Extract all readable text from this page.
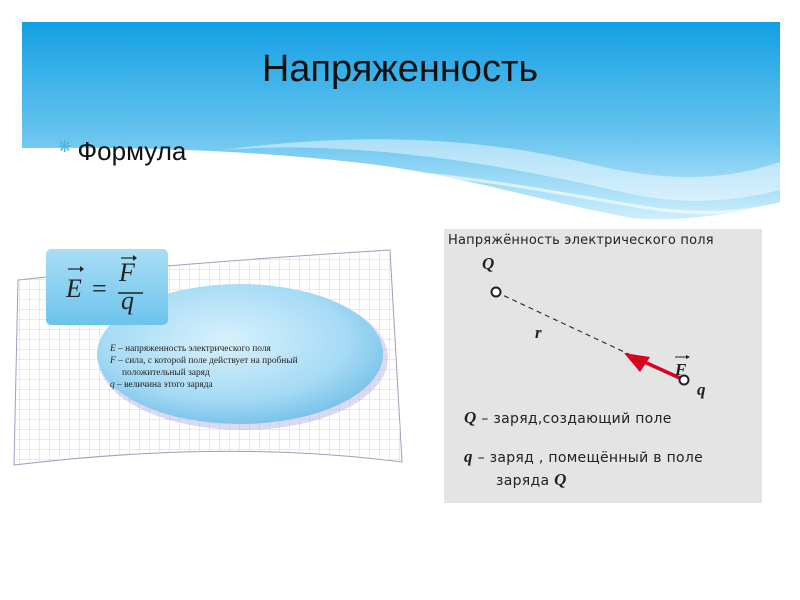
Напряженность
❋ Формула
E =
F
q
E – напряженность электрического поля
F – сила, с которой поле действует на пробный
положительный заряд
q – величина этого заряда
Напряжённость электрического поля
Q
r
F
q
Q – заряд,создающий поле
q – заряд , помещённый в поле
заряда Q
